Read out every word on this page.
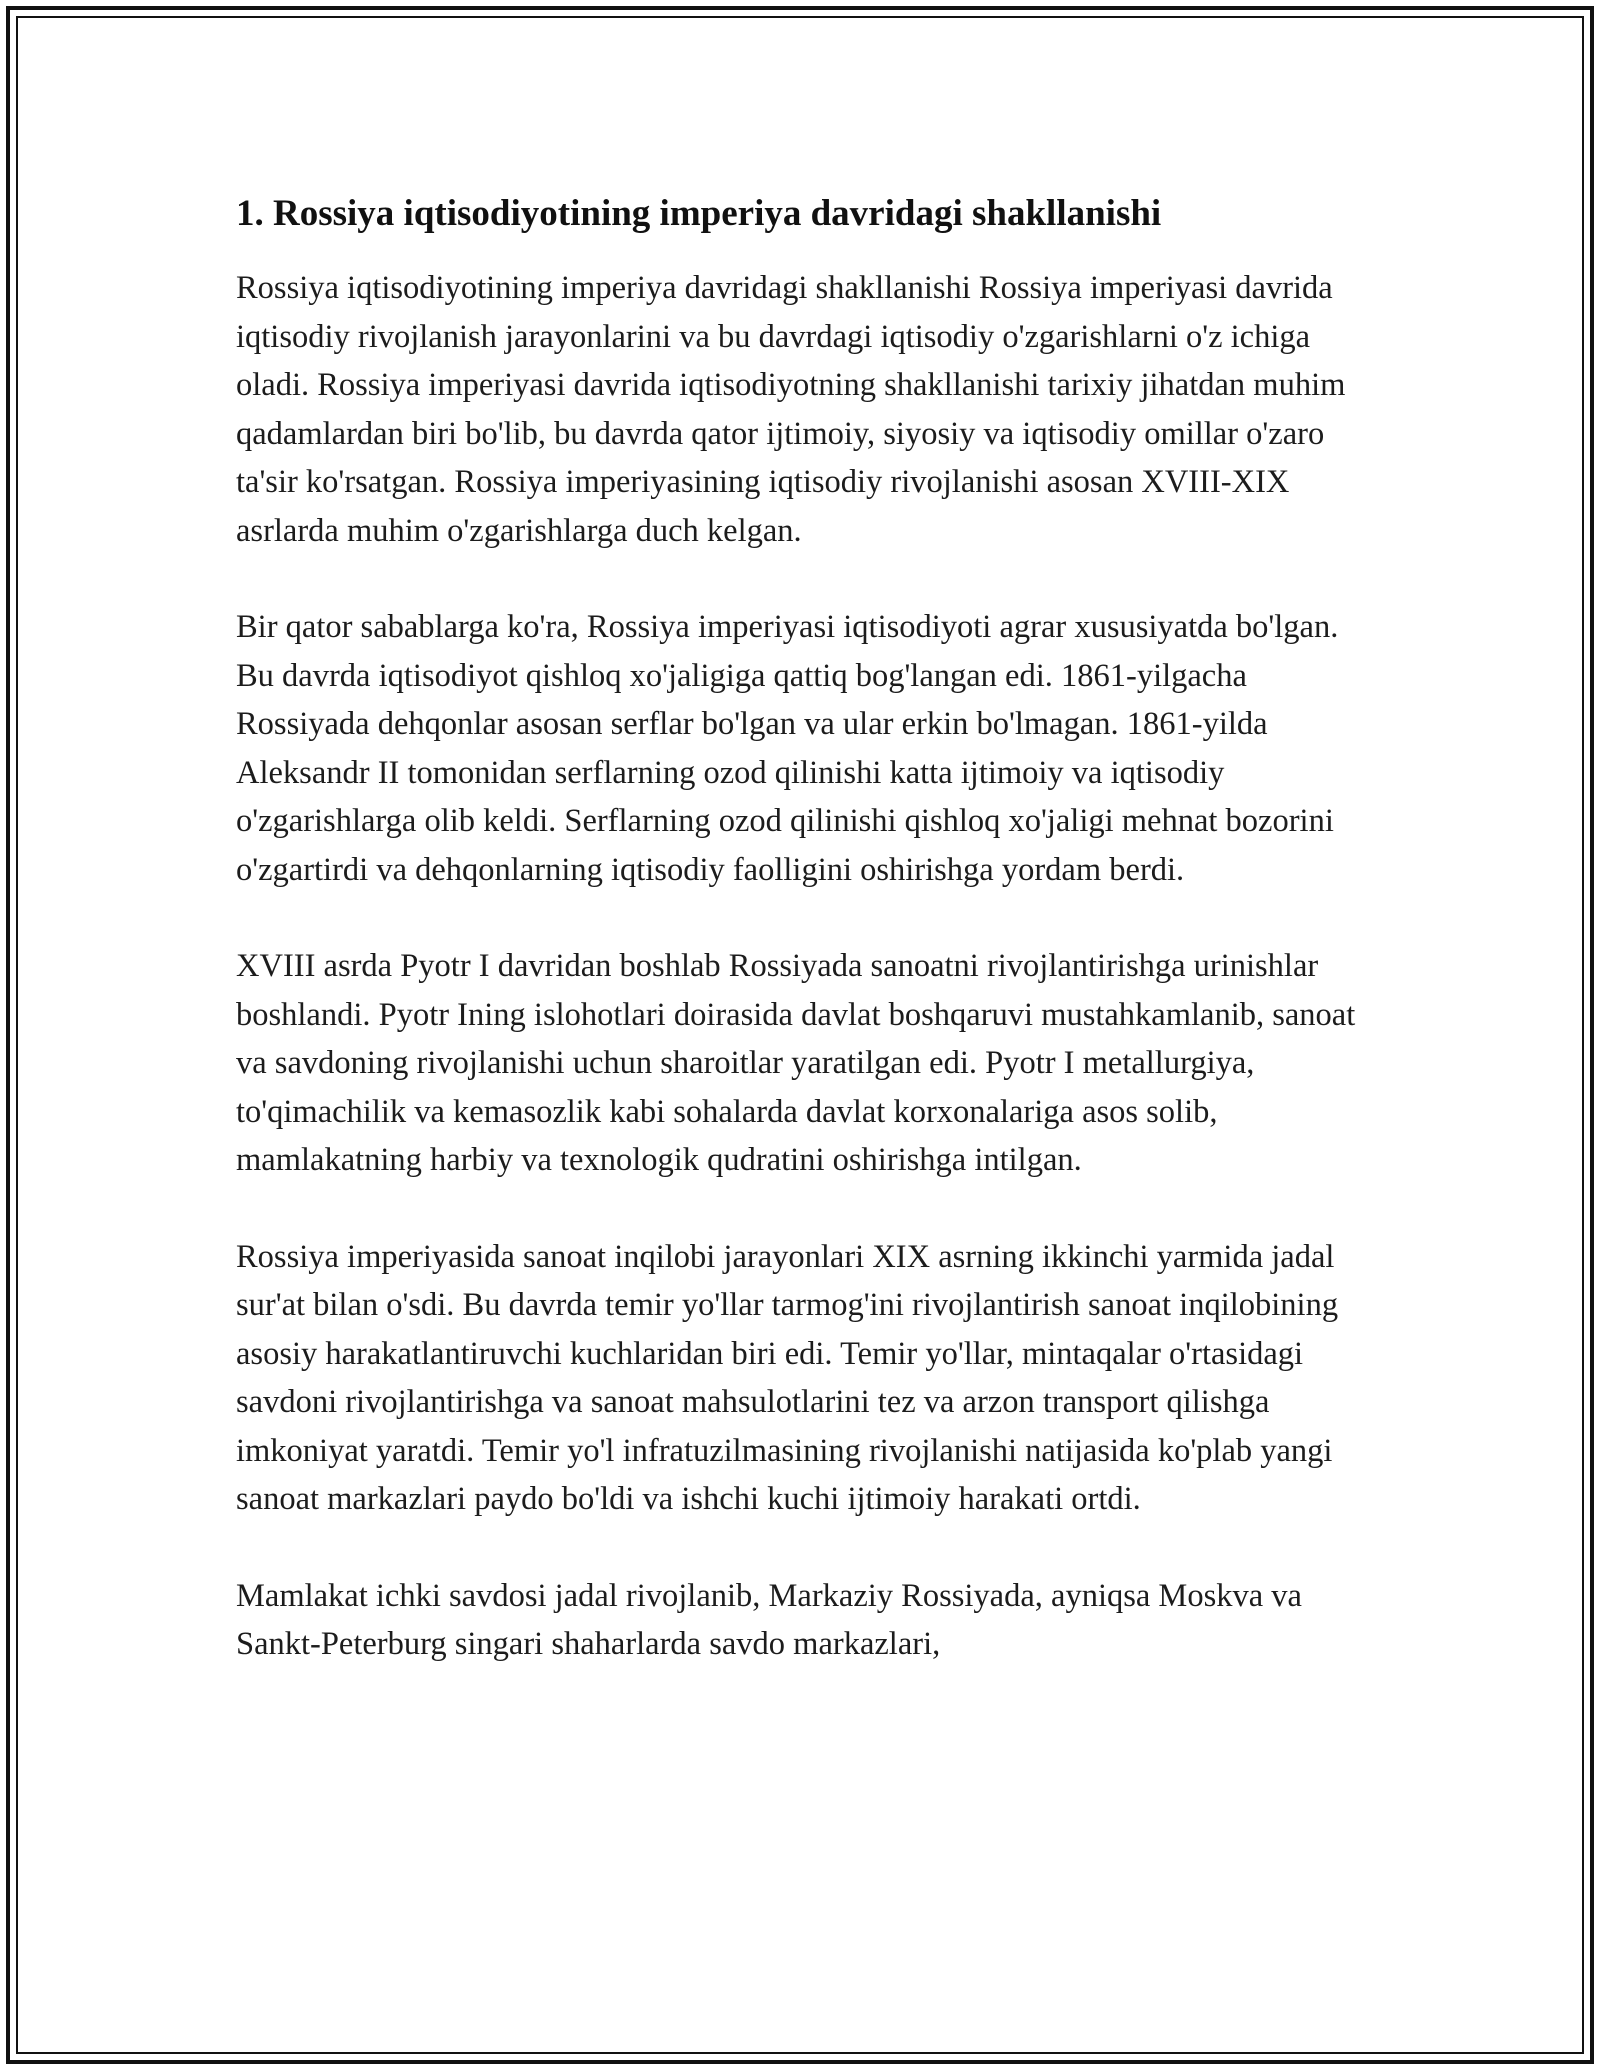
1. Rossiya iqtisodiyotining imperiya davridagi shakllanishi

Rossiya iqtisodiyotining imperiya davridagi shakllanishi Rossiya imperiyasi davrida iqtisodiy rivojlanish jarayonlarini va bu davrdagi iqtisodiy o'zgarishlarni o'z ichiga oladi. Rossiya imperiyasi davrida iqtisodiyotning shakllanishi tarixiy jihatdan muhim qadamlardan biri bo'lib, bu davrda qator ijtimoiy, siyosiy va iqtisodiy omillar o'zaro ta'sir ko'rsatgan. Rossiya imperiyasining iqtisodiy rivojlanishi asosan XVIII-XIX asrlarda muhim o'zgarishlarga duch kelgan.

Bir qator sabablarga ko'ra, Rossiya imperiyasi iqtisodiyoti agrar xususiyatda bo'lgan. Bu davrda iqtisodiyot qishloq xo'jaligiga qattiq bog'langan edi. 1861-yilgacha Rossiyada dehqonlar asosan serflar bo'lgan va ular erkin bo'lmagan. 1861-yilda Aleksandr II tomonidan serflarning ozod qilinishi katta ijtimoiy va iqtisodiy o'zgarishlarga olib keldi. Serflarning ozod qilinishi qishloq xo'jaligi mehnat bozorini o'zgartirdi va dehqonlarning iqtisodiy faolligini oshirishga yordam berdi.

XVIII asrda Pyotr I davridan boshlab Rossiyada sanoatni rivojlantirishga urinishlar boshlandi. Pyotr Ining islohotlari doirasida davlat boshqaruvi mustahkamlanib, sanoat va savdoning rivojlanishi uchun sharoitlar yaratilgan edi. Pyotr I metallurgiya, to'qimachilik va kemasozlik kabi sohalarda davlat korxonalariga asos solib, mamlakatning harbiy va texnologik qudratini oshirishga intilgan.

Rossiya imperiyasida sanoat inqilobi jarayonlari XIX asrning ikkinchi yarmida jadal sur'at bilan o'sdi. Bu davrda temir yo'llar tarmog'ini rivojlantirish sanoat inqilobining asosiy harakatlantiruvchi kuchlaridan biri edi. Temir yo'llar, mintaqalar o'rtasidagi savdoni rivojlantirishga va sanoat mahsulotlarini tez va arzon transport qilishga imkoniyat yaratdi. Temir yo'l infratuzilmasining rivojlanishi natijasida ko'plab yangi sanoat markazlari paydo bo'ldi va ishchi kuchi ijtimoiy harakati ortdi.

Mamlakat ichki savdosi jadal rivojlanib, Markaziy Rossiyada, ayniqsa Moskva va Sankt-Peterburg singari shaharlarda savdo markazlari,
